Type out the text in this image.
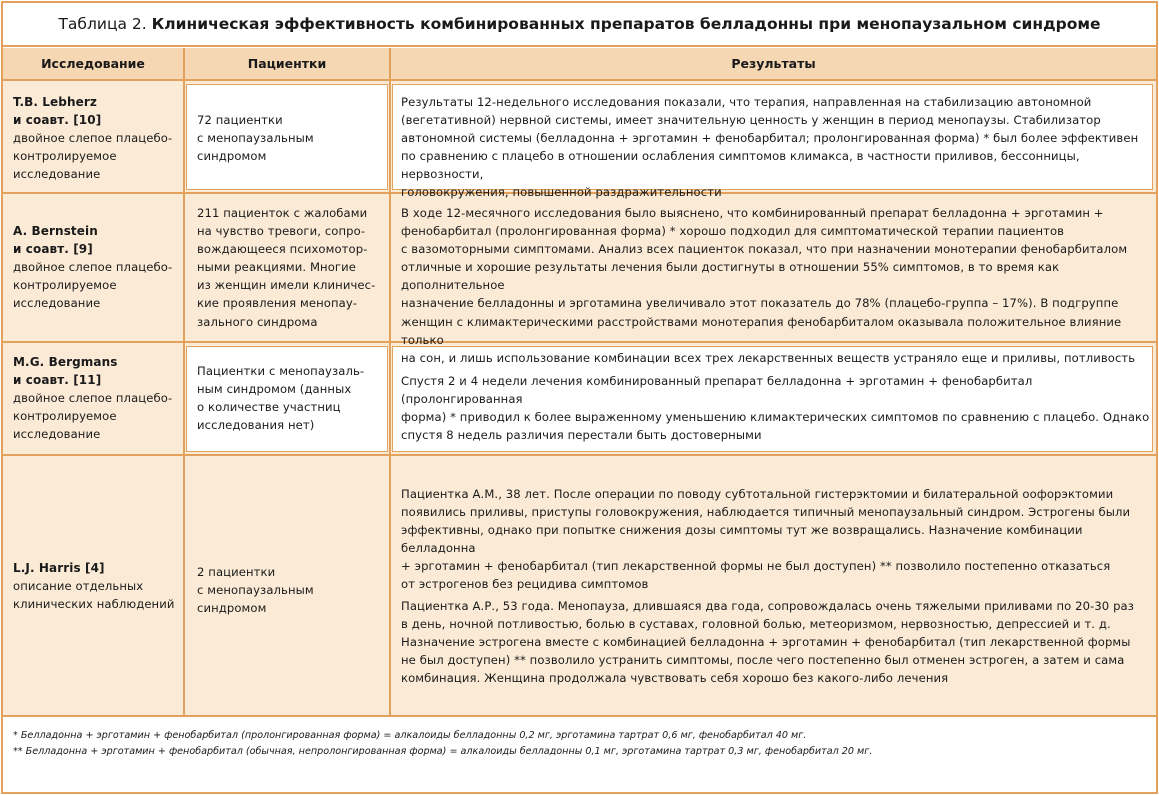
Таблица 2. Клиническая эффективность комбинированных препаратов белладонны при менопаузальном синдроме
Исследование	Пациентки	Результаты
T.B. Lebherz
и соавт. [10]
двойное слепое плацебо-
контролируемое
исследование
72 пациентки
с менопаузальным
синдромом
Результаты 12-недельного исследования показали, что терапия, направленная на стабилизацию автономной
(вегетативной) нервной системы, имеет значительную ценность у женщин в период менопаузы. Стабилизатор
автономной системы (белладонна + эрготамин + фенобарбитал; пролонгированная форма) * был более эффективен
по сравнению с плацебо в отношении ослабления симптомов климакса, в частности приливов, бессонницы, нервозности,
головокружения, повышенной раздражительности
A. Bernstein
и соавт. [9]
двойное слепое плацебо-
контролируемое
исследование
211 пациенток с жалобами
на чувство тревоги, сопро-
вождающееся психомотор-
ными реакциями. Многие
из женщин имели клиничес-
кие проявления менопау-
зального синдрома
В ходе 12-месячного исследования было выяснено, что комбинированный препарат белладонна + эрготамин +
фенобарбитал (пролонгированная форма) * хорошо подходил для симптоматической терапии пациентов
с вазомоторными симптомами. Анализ всех пациенток показал, что при назначении монотерапии фенобарбиталом
отличные и хорошие результаты лечения были достигнуты в отношении 55% симптомов, в то время как дополнительное
назначение белладонны и эрготамина увеличивало этот показатель до 78% (плацебо-группа – 17%). В подгруппе
женщин с климактерическими расстройствами монотерапия фенобарбиталом оказывала положительное влияние только
на сон, и лишь использование комбинации всех трех лекарственных веществ устраняло еще и приливы, потливость
M.G. Bergmans
и соавт. [11]
двойное слепое плацебо-
контролируемое
исследование
Пациентки с менопаузаль-
ным синдромом (данных
о количестве участниц
исследования нет)
Спустя 2 и 4 недели лечения комбинированный препарат белладонна + эрготамин + фенобарбитал (пролонгированная
форма) * приводил к более выраженному уменьшению климактерических симптомов по сравнению с плацебо. Однако
спустя 8 недель различия перестали быть достоверными
L.J. Harris [4]
описание отдельных
клинических наблюдений
2 пациентки
с менопаузальным
синдромом
Пациентка А.М., 38 лет. После операции по поводу субтотальной гистерэктомии и билатеральной оофорэктомии
появились приливы, приступы головокружения, наблюдается типичный менопаузальный синдром. Эстрогены были
эффективны, однако при попытке снижения дозы симптомы тут же возвращались. Назначение комбинации белладонна
+ эрготамин + фенобарбитал (тип лекарственной формы не был доступен) ** позволило постепенно отказаться
от эстрогенов без рецидива симптомов
Пациентка А.Р., 53 года. Менопауза, длившаяся два года, сопровождалась очень тяжелыми приливами по 20-30 раз
в день, ночной потливостью, болью в суставах, головной болью, метеоризмом, нервозностью, депрессией и т. д.
Назначение эстрогена вместе с комбинацией белладонна + эрготамин + фенобарбитал (тип лекарственной формы
не был доступен) ** позволило устранить симптомы, после чего постепенно был отменен эстроген, а затем и сама
комбинация. Женщина продолжала чувствовать себя хорошо без какого-либо лечения
* Белладонна + эрготамин + фенобарбитал (пролонгированная форма) = алкалоиды белладонны 0,2 мг, эрготамина тартрат 0,6 мг, фенобарбитал 40 мг.
** Белладонна + эрготамин + фенобарбитал (обычная, непролонгированная форма) = алкалоиды белладонны 0,1 мг, эрготамина тартрат 0,3 мг, фенобарбитал 20 мг.
